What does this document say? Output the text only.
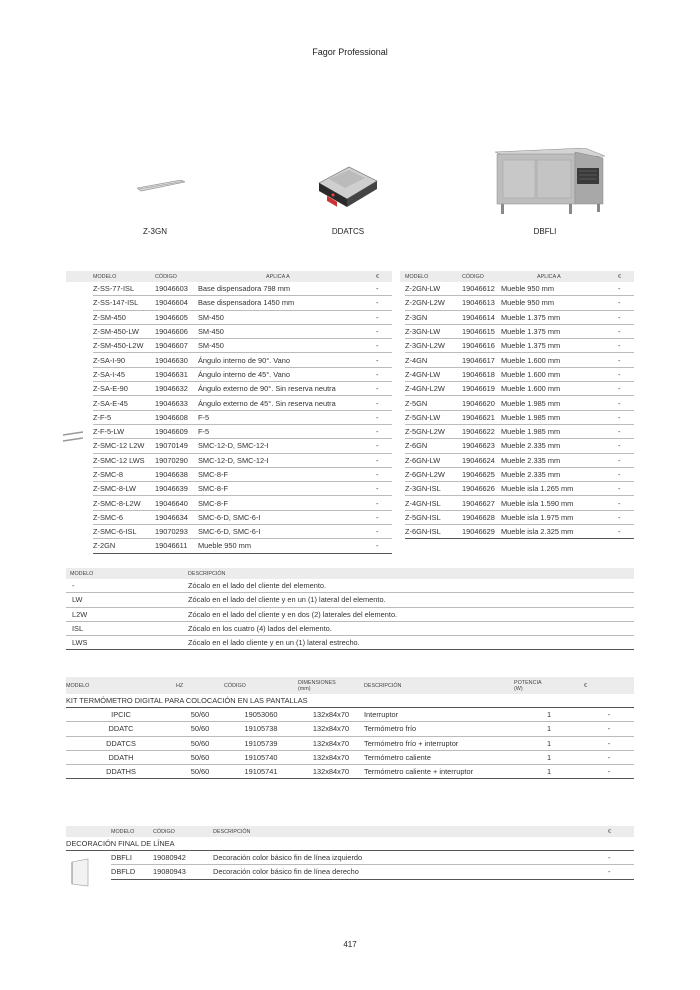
Fagor Professional
Z-3GN	DDATCS	DBFLI
	MODELO	CÓDIGO	APLICA A	€
	Z-SS-77-ISL	19046603	Base dispensadora 798 mm	-
	Z-SS-147-ISL	19046604	Base dispensadora 1450 mm	-
	Z-SM-450	19046605	SM-450	-
	Z-SM-450-LW	19046606	SM-450	-
	Z-SM-450-L2W	19046607	SM-450	-
	Z-SA-I-90	19046630	Ángulo interno de 90°. Vano	-
	Z-SA-I-45	19046631	Ángulo interno de 45°. Vano	-
	Z-SA-E-90	19046632	Ángulo externo de 90°. Sin reserva neutra	-
	Z-SA-E-45	19046633	Ángulo externo de 45°. Sin reserva neutra	-
	Z-F-5	19046608	F-5	-
	Z-F-5-LW	19046609	F-5	-
	Z-SMC-12 L2W	19070149	SMC-12-D, SMC-12-I	-
	Z-SMC-12 LWS	19070290	SMC-12-D, SMC-12-I	-
	Z-SMC-8	19046638	SMC-8-F	-
	Z-SMC-8-LW	19046639	SMC-8-F	-
	Z-SMC-8-L2W	19046640	SMC-8-F	-
	Z-SMC-6	19046634	SMC-6-D, SMC-6-I	-
	Z-SMC-6-ISL	19070293	SMC-6-D, SMC-6-I	-
	Z-2GN	19046611	Mueble 950 mm	-
	MODELO	CÓDIGO	APLICA A	€
	Z-2GN-LW	19046612	Mueble 950 mm	-
	Z-2GN-L2W	19046613	Mueble 950 mm	-
	Z-3GN	19046614	Mueble 1.375 mm	-
	Z-3GN-LW	19046615	Mueble 1.375 mm	-
	Z-3GN-L2W	19046616	Mueble 1.375 mm	-
	Z-4GN	19046617	Mueble 1.600 mm	-
	Z-4GN-LW	19046618	Mueble 1.600 mm	-
	Z-4GN-L2W	19046619	Mueble 1.600 mm	-
	Z-5GN	19046620	Mueble 1.985 mm	-
	Z-5GN-LW	19046621	Mueble 1.985 mm	-
	Z-5GN-L2W	19046622	Mueble 1.985 mm	-
	Z-6GN	19046623	Mueble 2.335 mm	-
	Z-6GN-LW	19046624	Mueble 2.335 mm	-
	Z-6GN-L2W	19046625	Mueble 2.335 mm	-
	Z-3GN-ISL	19046626	Mueble isla 1.265 mm	-
	Z-4GN-ISL	19046627	Mueble isla 1.590 mm	-
	Z-5GN-ISL	19046628	Mueble isla 1.975 mm	-
	Z-6GN-ISL	19046629	Mueble isla 2.325 mm	-
MODELO	DESCRIPCIÓN
-	Zócalo en el lado del cliente del elemento.
LW	Zócalo en el lado del cliente y en un (1) lateral del elemento.
L2W	Zócalo en el lado del cliente y en dos (2) laterales del elemento.
ISL	Zócalo en los cuatro (4) lados del elemento.
LWS	Zócalo en el lado cliente y en un (1) lateral estrecho.
MODELO	HZ	CÓDIGO	DIMENSIONES
(mm)	DESCRIPCIÓN	POTENCIA
(W)	€
KIT TERMÓMETRO DIGITAL PARA COLOCACIÓN EN LAS PANTALLAS						
IPCIC	50/60	19053060	132x84x70	Interruptor	1	-
DDATC	50/60	19105738	132x84x70	Termómetro frío	1	-
DDATCS	50/60	19105739	132x84x70	Termómetro frío + interruptor	1	-
DDATH	50/60	19105740	132x84x70	Termómetro caliente	1	-
DDATHS	50/60	19105741	132x84x70	Termómetro caliente + interruptor	1	-
	MODELO	CÓDIGO	DESCRIPCIÓN	€
DECORACIÓN FINAL DE LÍNEA				
	DBFLI	19080942	Decoración color básico fin de línea izquierdo	-
	DBFLD	19080943	Decoración color básico fin de línea derecho	-
417
